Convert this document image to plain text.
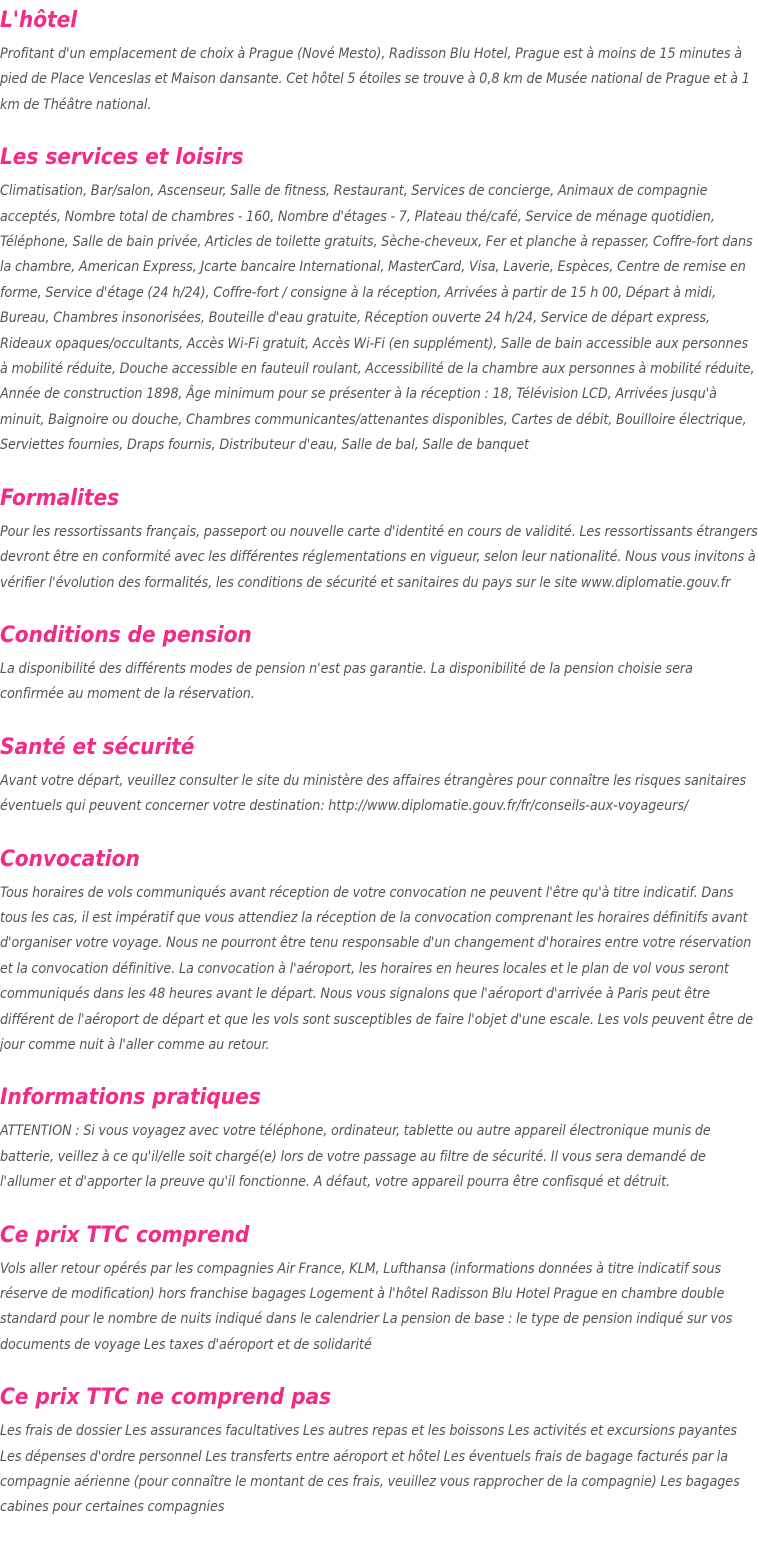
L'hôtel

Profitant d'un emplacement de choix à Prague (Nové Mesto), Radisson Blu Hotel, Prague est à moins de 15 minutes à pied de Place Venceslas et Maison dansante. Cet hôtel 5 étoiles se trouve à 0,8 km de Musée national de Prague et à 1 km de Théâtre national.

Les services et loisirs

Climatisation, Bar/salon, Ascenseur, Salle de fitness, Restaurant, Services de concierge, Animaux de compagnie acceptés, Nombre total de chambres - 160, Nombre d'étages - 7, Plateau thé/café, Service de ménage quotidien, Téléphone, Salle de bain privée, Articles de toilette gratuits, Sèche-cheveux, Fer et planche à repasser, Coffre-fort dans la chambre, American Express, Jcarte bancaire International, MasterCard, Visa, Laverie, Espèces, Centre de remise en forme, Service d'étage (24 h/24), Coffre-fort / consigne à la réception, Arrivées à partir de 15 h 00, Départ à midi, Bureau, Chambres insonorisées, Bouteille d'eau gratuite, Réception ouverte 24 h/24, Service de départ express, Rideaux opaques/occultants, Accès Wi-Fi gratuit, Accès Wi-Fi (en supplément), Salle de bain accessible aux personnes à mobilité réduite, Douche accessible en fauteuil roulant, Accessibilité de la chambre aux personnes à mobilité réduite, Année de construction 1898, Âge minimum pour se présenter à la réception : 18, Télévision LCD, Arrivées jusqu'à minuit, Baignoire ou douche, Chambres communicantes/attenantes disponibles, Cartes de débit, Bouilloire électrique, Serviettes fournies, Draps fournis, Distributeur d'eau, Salle de bal, Salle de banquet

Formalites

Pour les ressortissants français, passeport ou nouvelle carte d'identité en cours de validité. Les ressortissants étrangers devront être en conformité avec les différentes réglementations en vigueur, selon leur nationalité. Nous vous invitons à vérifier l'évolution des formalités, les conditions de sécurité et sanitaires du pays sur le site www.diplomatie.gouv.fr

Conditions de pension

La disponibilité des différents modes de pension n'est pas garantie. La disponibilité de la pension choisie sera confirmée au moment de la réservation.

Santé et sécurité

Avant votre départ, veuillez consulter le site du ministère des affaires étrangères pour connaître les risques sanitaires éventuels qui peuvent concerner votre destination: http://www.diplomatie.gouv.fr/fr/conseils-aux-voyageurs/

Convocation

Tous horaires de vols communiqués avant réception de votre convocation ne peuvent l'être qu'à titre indicatif. Dans tous les cas, il est impératif que vous attendiez la réception de la convocation comprenant les horaires définitifs avant d'organiser votre voyage. Nous ne pourront être tenu responsable d'un changement d'horaires entre votre réservation et la convocation définitive. La convocation à l'aéroport, les horaires en heures locales et le plan de vol vous seront communiqués dans les 48 heures avant le départ. Nous vous signalons que l'aéroport d'arrivée à Paris peut être différent de l'aéroport de départ et que les vols sont susceptibles de faire l'objet d'une escale. Les vols peuvent être de jour comme nuit à l'aller comme au retour.

Informations pratiques

ATTENTION : Si vous voyagez avec votre téléphone, ordinateur, tablette ou autre appareil électronique munis de batterie, veillez à ce qu'il/elle soit chargé(e) lors de votre passage au filtre de sécurité. Il vous sera demandé de l'allumer et d'apporter la preuve qu'il fonctionne. A défaut, votre appareil pourra être confisqué et détruit.

Ce prix TTC comprend

Vols aller retour opérés par les compagnies Air France, KLM, Lufthansa (informations données à titre indicatif sous réserve de modification) hors franchise bagages Logement à l'hôtel Radisson Blu Hotel Prague en chambre double standard pour le nombre de nuits indiqué dans le calendrier La pension de base : le type de pension indiqué sur vos documents de voyage Les taxes d'aéroport et de solidarité

Ce prix TTC ne comprend pas

Les frais de dossier Les assurances facultatives Les autres repas et les boissons Les activités et excursions payantes Les dépenses d'ordre personnel Les transferts entre aéroport et hôtel Les éventuels frais de bagage facturés par la compagnie aérienne (pour connaître le montant de ces frais, veuillez vous rapprocher de la compagnie) Les bagages cabines pour certaines compagnies
